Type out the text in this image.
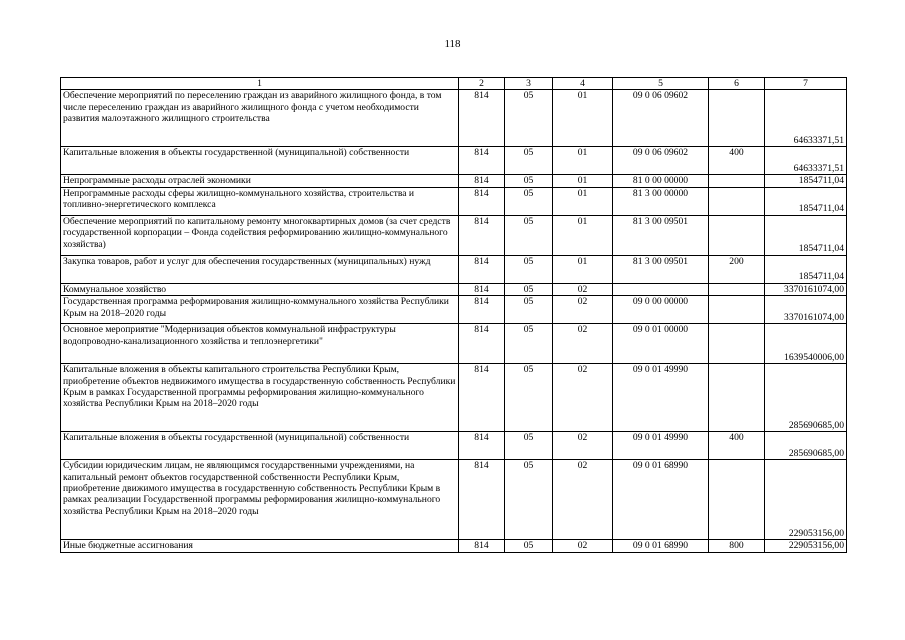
118
1	2	3	4	5	6	7
Обеспечение мероприятий по переселению граждан из аварийного жилищного фонда, в том числе переселению граждан из аварийного жилищного фонда с учетом необходимости развития малоэтажного жилищного строительства	814	05	01	09 0 06 09602		64633371,51
Капитальные вложения в объекты государственной (муниципальной) собственности	814	05	01	09 0 06 09602	400	64633371,51
Непрограммные расходы отраслей экономики	814	05	01	81 0 00 00000		1854711,04
Непрограммные расходы сферы жилищно-коммунального хозяйства, строительства и топливно-энергетического комплекса	814	05	01	81 3 00 00000		1854711,04
Обеспечение мероприятий по капитальному ремонту многоквартирных домов (за счет средств государственной корпорации – Фонда содействия реформированию жилищно-коммунального хозяйства)	814	05	01	81 3 00 09501		1854711,04
Закупка товаров, работ и услуг для обеспечения государственных (муниципальных) нужд	814	05	01	81 3 00 09501	200	1854711,04
Коммунальное хозяйство	814	05	02			3370161074,00
Государственная программа реформирования жилищно-коммунального хозяйства Республики Крым на 2018–2020 годы	814	05	02	09 0 00 00000		3370161074,00
Основное мероприятие "Модернизация объектов коммунальной инфраструктуры водопроводно-канализационного хозяйства и теплоэнергетики"	814	05	02	09 0 01 00000		1639540006,00
Капитальные вложения в объекты капитального строительства Республики Крым, приобретение объектов недвижимого имущества в государственную собственность Республики Крым в рамках Государственной программы реформирования жилищно-коммунального хозяйства Республики Крым на 2018–2020 годы	814	05	02	09 0 01 49990		285690685,00
Капитальные вложения в объекты государственной (муниципальной) собственности	814	05	02	09 0 01 49990	400	285690685,00
Субсидии юридическим лицам, не являющимся государственными учреждениями, на капитальный ремонт объектов государственной собственности Республики Крым, приобретение движимого имущества в государственную собственность Республики Крым в рамках реализации Государственной программы реформирования жилищно-коммунального хозяйства Республики Крым на 2018–2020 годы	814	05	02	09 0 01 68990		229053156,00
Иные бюджетные ассигнования	814	05	02	09 0 01 68990	800	229053156,00
